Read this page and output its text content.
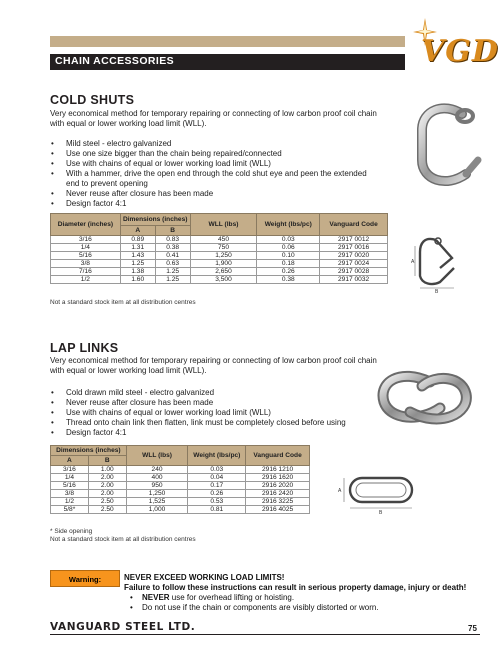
CHAIN ACCESSORIES	VGD
COLD SHUTS

Very economical method for temporary repairing or connecting of low carbon proof coil chain with equal or lower working load limit (WLL).

• Mild steel - electro galvanized
• Use one size bigger than the chain being repaired/connected
• Use with chains of equal or lower working load limit (WLL)
• With a hammer, drive the open end through the cold shut eye and peen the extended end to prevent opening
• Never reuse after closure has been made
• Design factor 4:1
Diameter (inches)	Dimensions (inches)		WLL (lbs)	Weight (lbs/pc)	Vanguard Code
	A	B			
3/16	0.89	0.83	450	0.03	2917 0012
1/4	1.31	0.38	750	0.06	2917 0016
5/16	1.43	0.41	1,250	0.10	2917 0020
3/8	1.25	0.63	1,900	0.18	2917 0024
7/16	1.38	1.25	2,650	0.26	2917 0028
1/2	1.60	1.25	3,500	0.38	2917 0032
Not a standard stock item at all distribution centres
A
B
LAP LINKS

Very economical method for temporary repairing or connecting of low carbon proof coil chain with equal or lower working load limit (WLL).

• Cold drawn mild steel - electro galvanized
• Never reuse after closure has been made
• Use with chains of equal or lower working load limit (WLL)
• Thread onto chain link then flatten, link must be completely closed before using
• Design factor 4:1
Dimensions (inches)		WLL (lbs)	Weight (lbs/pc)	Vanguard Code
A	B			
3/16	1.00	240	0.03	2916 1210
1/4	2.00	400	0.04	2916 1620
5/16	2.00	950	0.17	2916 2020
3/8	2.00	1,250	0.26	2916 2420
1/2	2.50	1,525	0.53	2916 3225
5/8*	2.50	1,000	0.81	2916 4025
* Side opening
Not a standard stock item at all distribution centres
A
B
Warning:	NEVER EXCEED WORKING LOAD LIMITS!
Failure to follow these instructions can result in serious property damage, injury or death!
• NEVER use for overhead lifting or hoisting.
• Do not use if the chain or components are visibly distorted or worn.
VANGUARD STEEL LTD.	75
